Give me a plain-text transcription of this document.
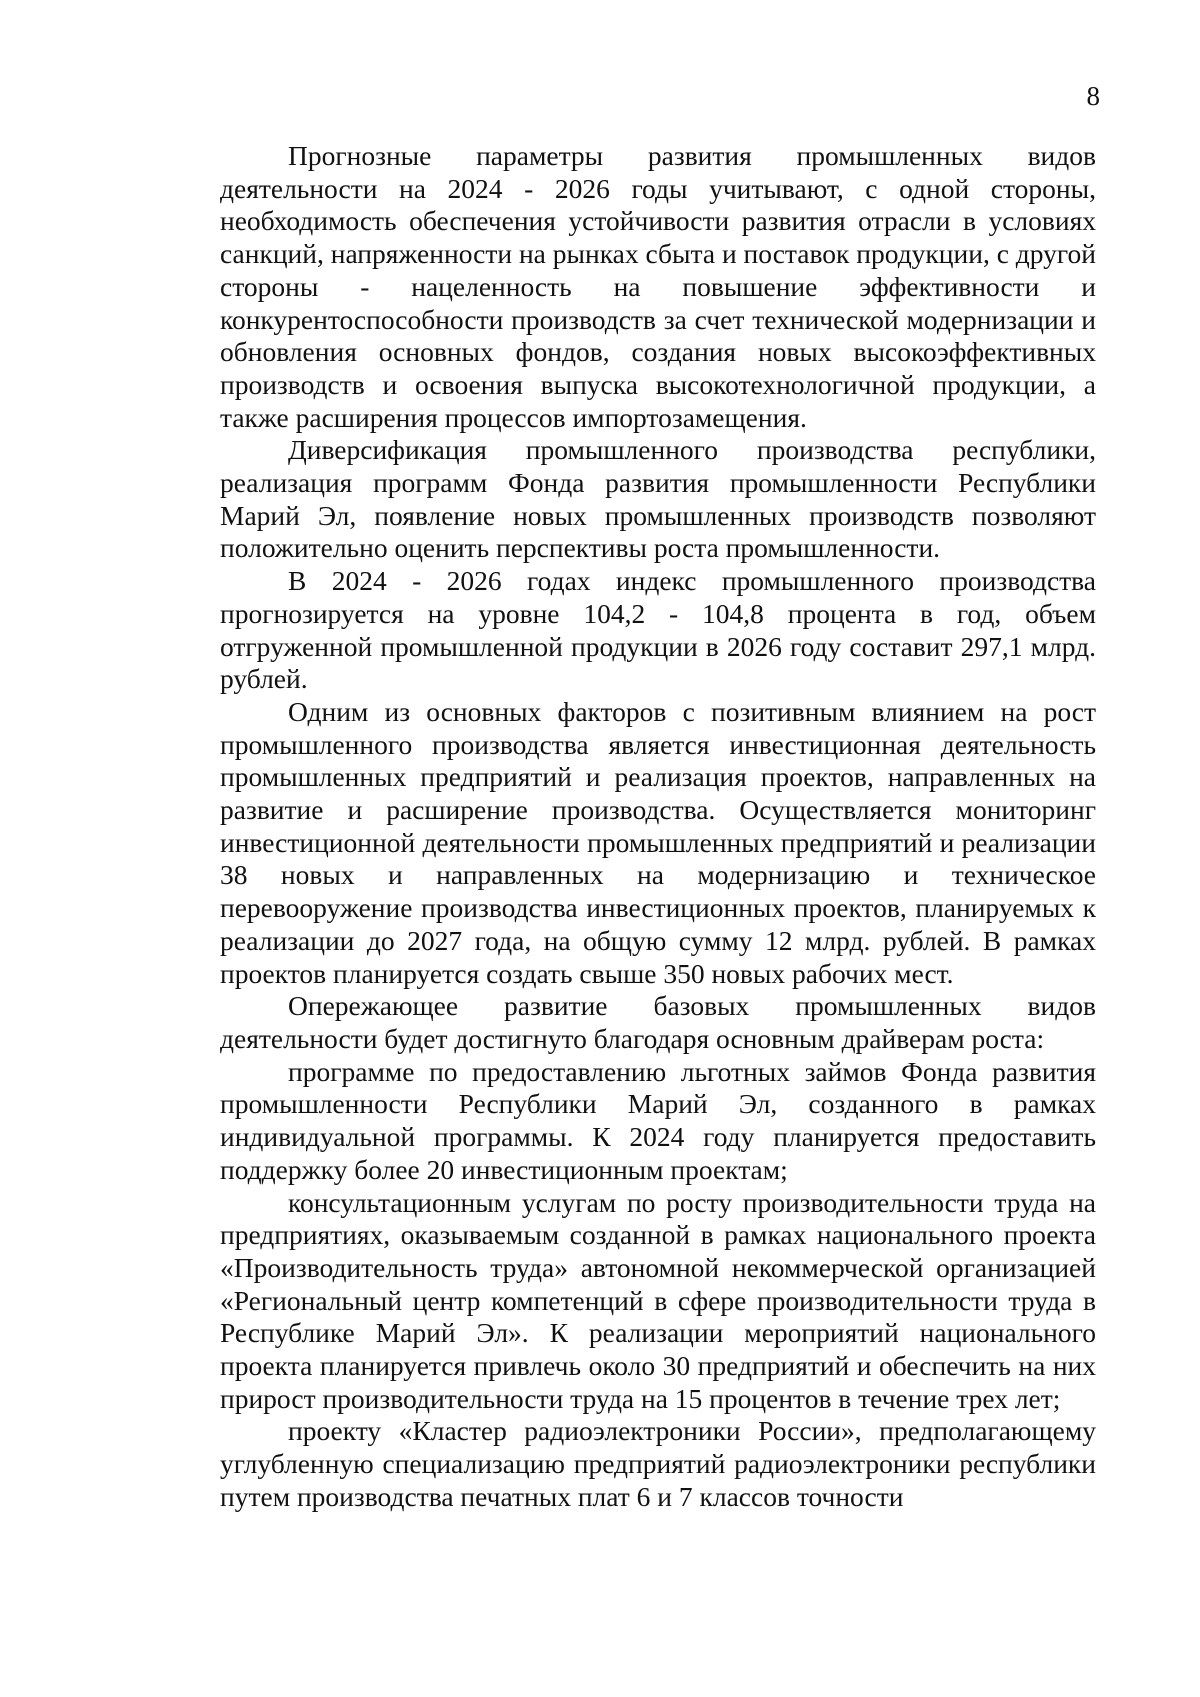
8

Прогнозные параметры развития промышленных видов деятельности на 2024 - 2026 годы учитывают, с одной стороны, необходимость обеспечения устойчивости развития отрасли в условиях санкций, напряженности на рынках сбыта и поставок продукции, с другой стороны - нацеленность на повышение эффективности и конкурентоспособности производств за счет технической модернизации и обновления основных фондов, создания новых высокоэффективных производств и освоения выпуска высокотехнологичной продукции, а также расширения процессов импортозамещения.

Диверсификация промышленного производства республики, реализация программ Фонда развития промышленности Республики Марий Эл, появление новых промышленных производств позволяют положительно оценить перспективы роста промышленности.

В 2024 - 2026 годах индекс промышленного производства прогнозируется на уровне 104,2 - 104,8 процента в год, объем отгруженной промышленной продукции в 2026 году составит 297,1 млрд. рублей.

Одним из основных факторов с позитивным влиянием на рост промышленного производства является инвестиционная деятельность промышленных предприятий и реализация проектов, направленных на развитие и расширение производства. Осуществляется мониторинг инвестиционной деятельности промышленных предприятий и реализации 38 новых и направленных на модернизацию и техническое перевооружение производства инвестиционных проектов, планируемых к реализации до 2027 года, на общую сумму 12 млрд. рублей. В рамках проектов планируется создать свыше 350 новых рабочих мест.

Опережающее развитие базовых промышленных видов деятельности будет достигнуто благодаря основным драйверам роста:

программе по предоставлению льготных займов Фонда развития промышленности Республики Марий Эл, созданного в рамках индивидуальной программы. К 2024 году планируется предоставить поддержку более 20 инвестиционным проектам;

консультационным услугам по росту производительности труда на предприятиях, оказываемым созданной в рамках национального проекта «Производительность труда» автономной некоммерческой организацией «Региональный центр компетенций в сфере производительности труда в Республике Марий Эл». К реализации мероприятий национального проекта планируется привлечь около 30 предприятий и обеспечить на них прирост производительности труда на 15 процентов в течение трех лет;

проекту «Кластер радиоэлектроники России», предполагающему углубленную специализацию предприятий радиоэлектроники республики путем производства печатных плат 6 и 7 классов точности
